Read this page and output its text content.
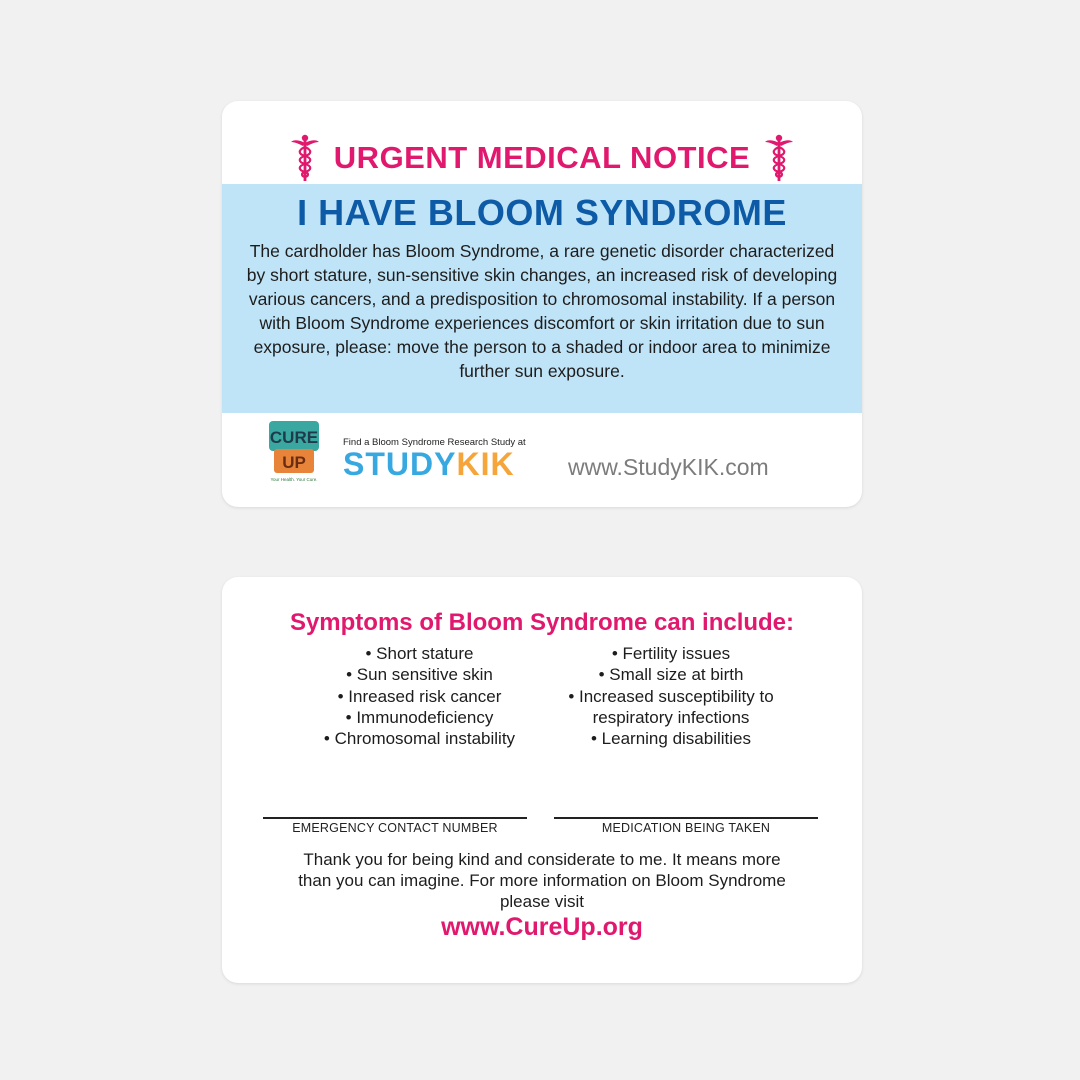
URGENT MEDICAL NOTICE
I HAVE BLOOM SYNDROME
The cardholder has Bloom Syndrome, a rare genetic disorder characterized by short stature, sun-sensitive skin changes, an increased risk of developing various cancers, and a predisposition to chromosomal instability. If a person with Bloom Syndrome experiences discomfort or skin irritation due to sun exposure, please: move the person to a shaded or indoor area to minimize further sun exposure.
CURE
UP
Your Health. Your Cure.
Find a Bloom Syndrome Research Study at
STUDYKIK www.StudyKIK.com
Symptoms of Bloom Syndrome can include:
• Short stature
• Sun sensitive skin
• Inreased risk cancer
• Immunodeficiency
• Chromosomal instability
• Fertility issues
• Small size at birth
• Increased susceptibility to
respiratory infections
• Learning disabilities
EMERGENCY CONTACT NUMBER	MEDICATION BEING TAKEN
Thank you for being kind and considerate to me. It means more than you can imagine. For more information on Bloom Syndrome please visit
www.CureUp.org
